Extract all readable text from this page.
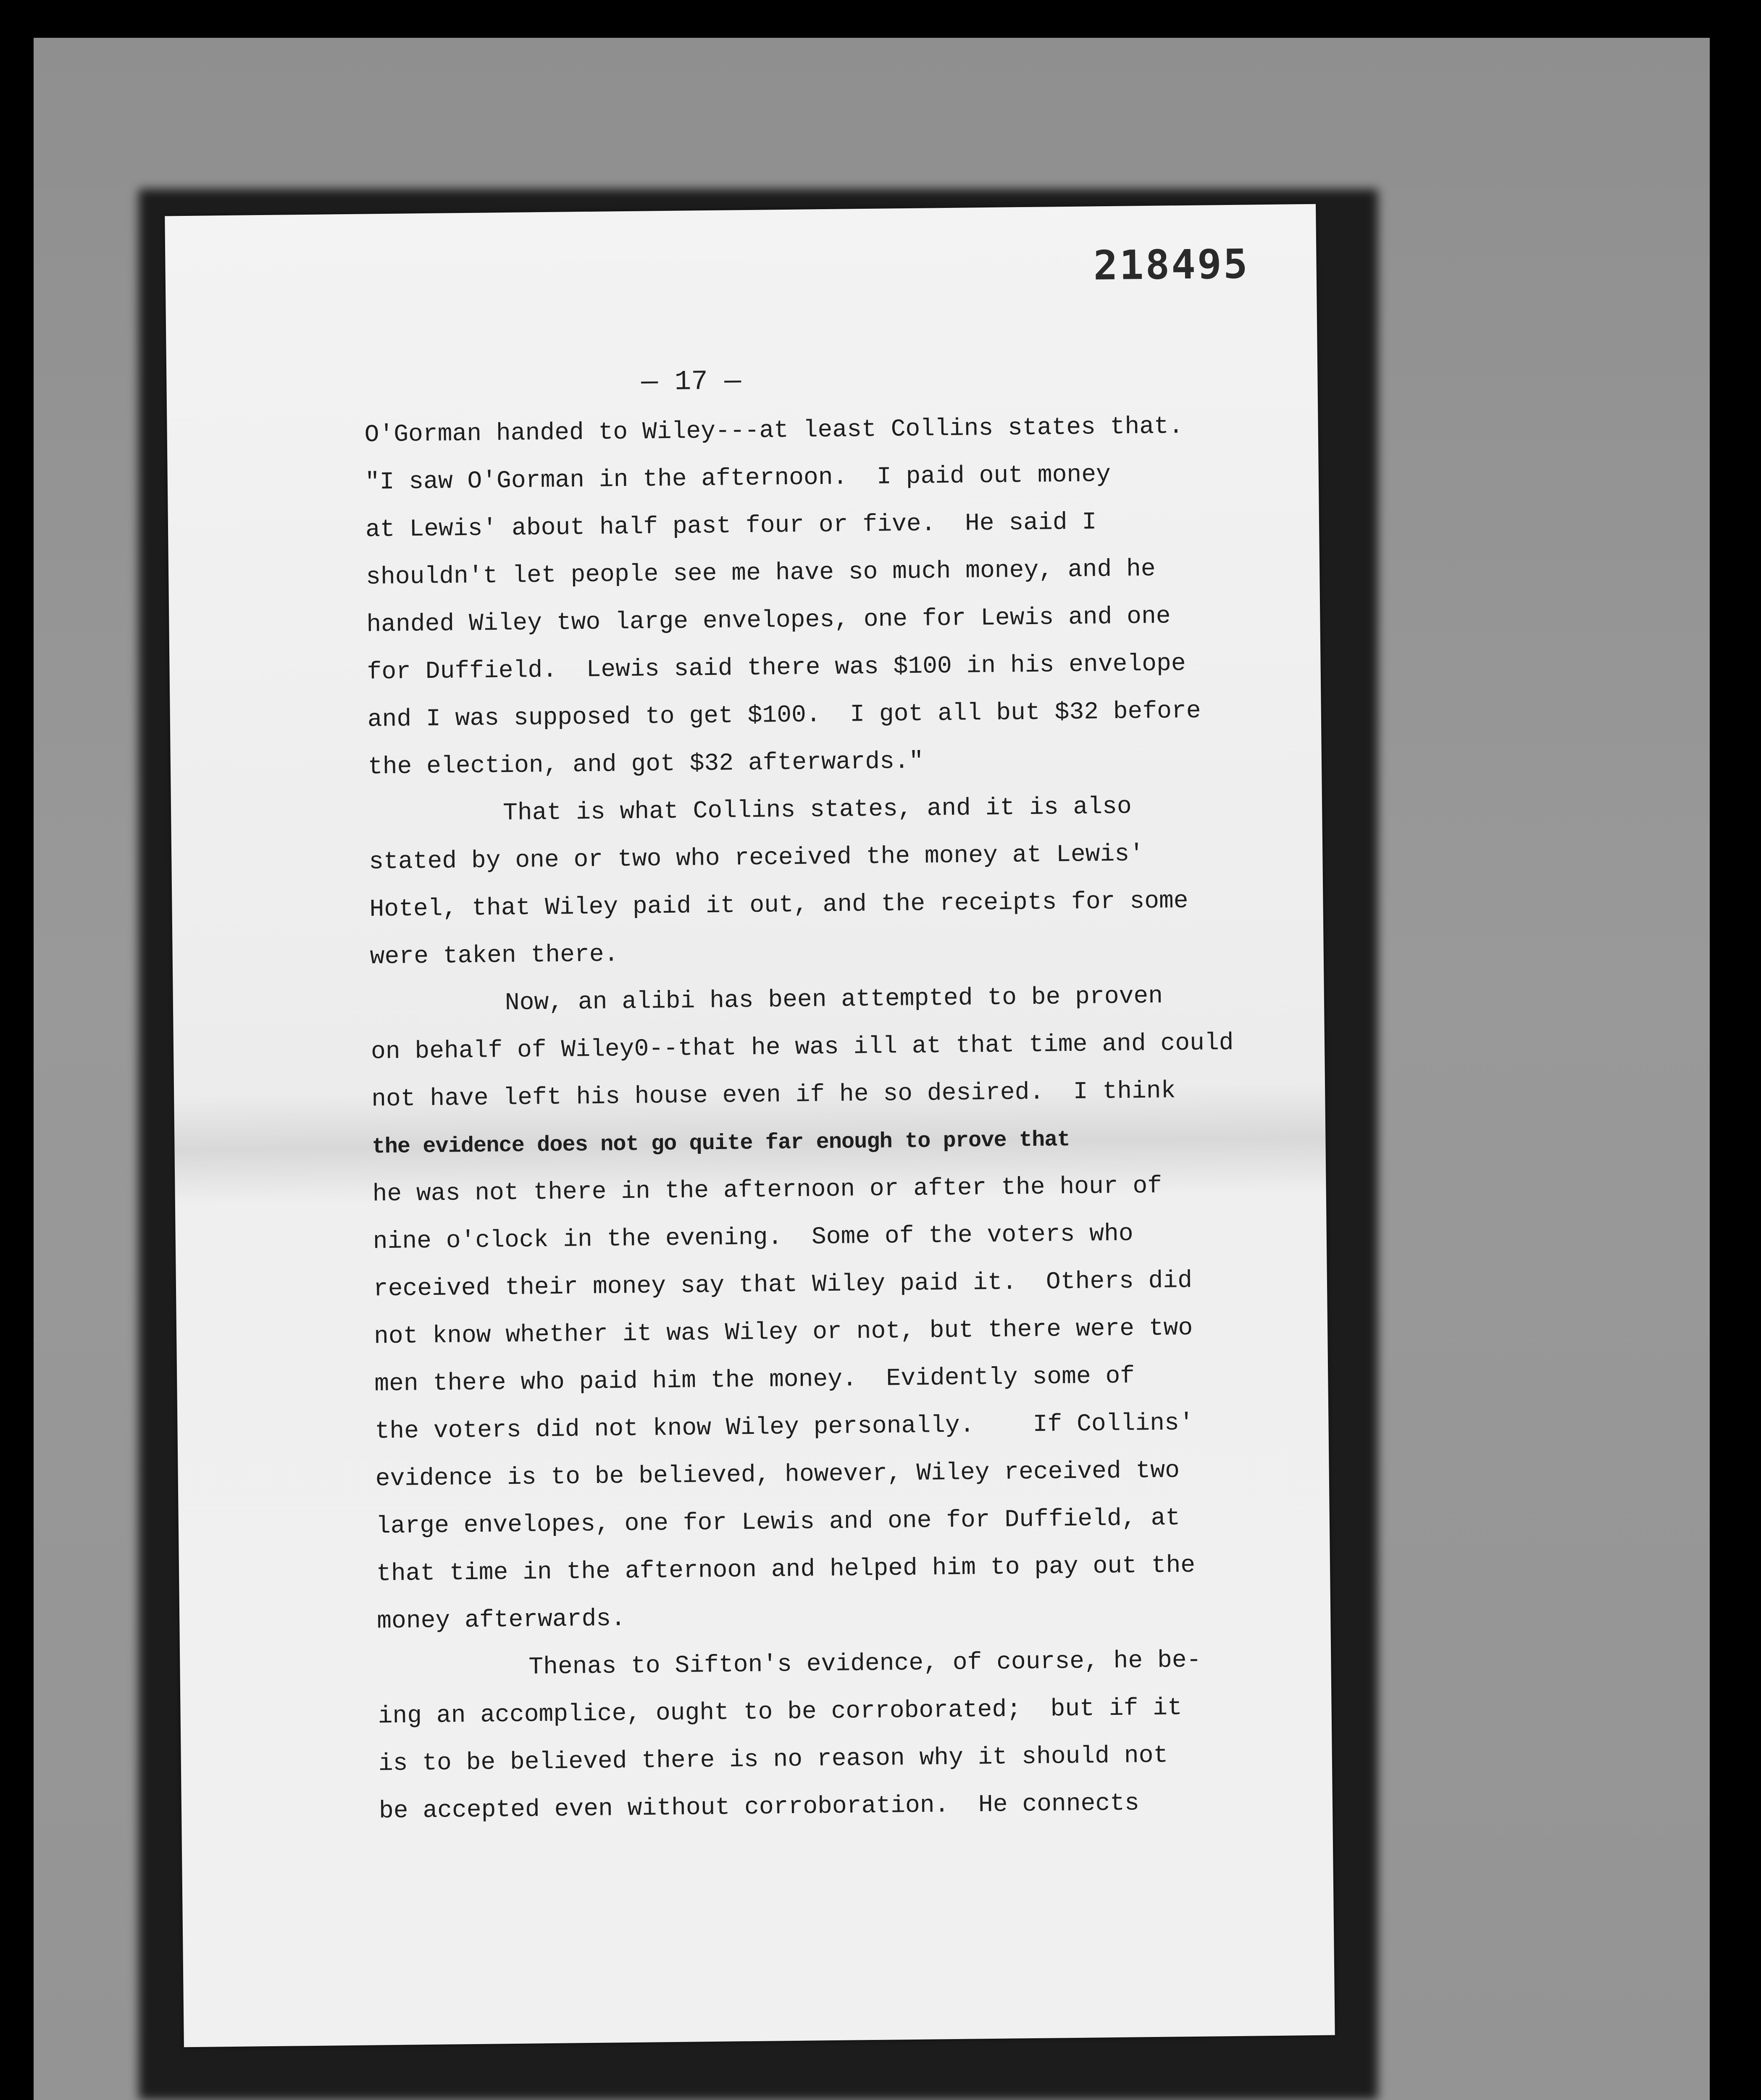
218495
— 17 —

O'Gorman handed to Wiley---at least Collins states that.
"I saw O'Gorman in the afternoon.  I paid out money
at Lewis' about half past four or five.  He said I
shouldn't let people see me have so much money, and he
handed Wiley two large envelopes, one for Lewis and one
for Duffield.  Lewis said there was $100 in his envelope
and I was supposed to get $100.  I got all but $32 before
the election, and got $32 afterwards."

That is what Collins states, and it is also
stated by one or two who received the money at Lewis'
Hotel, that Wiley paid it out, and the receipts for some
were taken there.

Now, an alibi has been attempted to be proven
on behalf of Wiley0--that he was ill at that time and could
not have left his house even if he so desired.  I think

the evidence does not go quite far enough to prove that

he was not there in the afternoon or after the hour of
nine o'clock in the evening.  Some of the voters who
received their money say that Wiley paid it.  Others did
not know whether it was Wiley or not, but there were two
men there who paid him the money.  Evidently some of
the voters did not know Wiley personally.    If Collins'
evidence is to be believed, however, Wiley received two
large envelopes, one for Lewis and one for Duffield, at
that time in the afternoon and helped him to pay out the
money afterwards.

Thenas to Sifton's evidence, of course, he be-
ing an accomplice, ought to be corroborated;  but if it
is to be believed there is no reason why it should not
be accepted even without corroboration.  He connects
